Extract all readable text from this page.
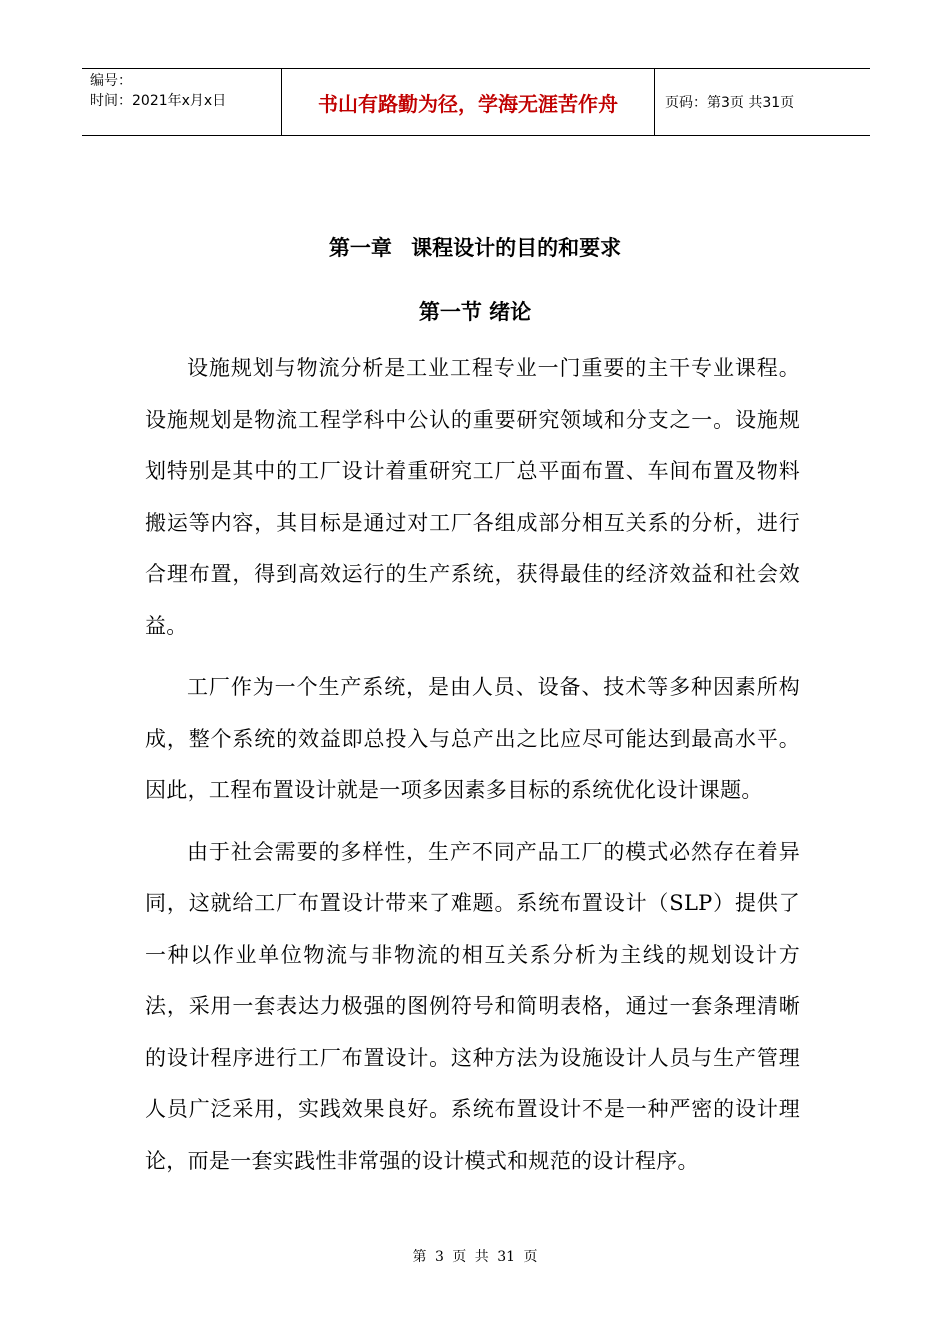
编号：
时间：2021年x月x日	书山有路勤为径，学海无涯苦作舟	页码：第3页 共31页
第一章 课程设计的目的和要求
第一节 绪论

设施规划与物流分析是工业工程专业一门重要的主干专业课程。设施规划是物流工程学科中公认的重要研究领域和分支之一。设施规划特别是其中的工厂设计着重研究工厂总平面布置、车间布置及物料搬运等内容，其目标是通过对工厂各组成部分相互关系的分析，进行合理布置，得到高效运行的生产系统，获得最佳的经济效益和社会效益。

工厂作为一个生产系统，是由人员、设备、技术等多种因素所构成，整个系统的效益即总投入与总产出之比应尽可能达到最高水平。因此，工程布置设计就是一项多因素多目标的系统优化设计课题。

由于社会需要的多样性，生产不同产品工厂的模式必然存在着异同，这就给工厂布置设计带来了难题。系统布置设计（SLP）提供了一种以作业单位物流与非物流的相互关系分析为主线的规划设计方法，采用一套表达力极强的图例符号和简明表格，通过一套条理清晰的设计程序进行工厂布置设计。这种方法为设施设计人员与生产管理人员广泛采用，实践效果良好。系统布置设计不是一种严密的设计理论，而是一套实践性非常强的设计模式和规范的设计程序。

第 3 页 共 31 页
